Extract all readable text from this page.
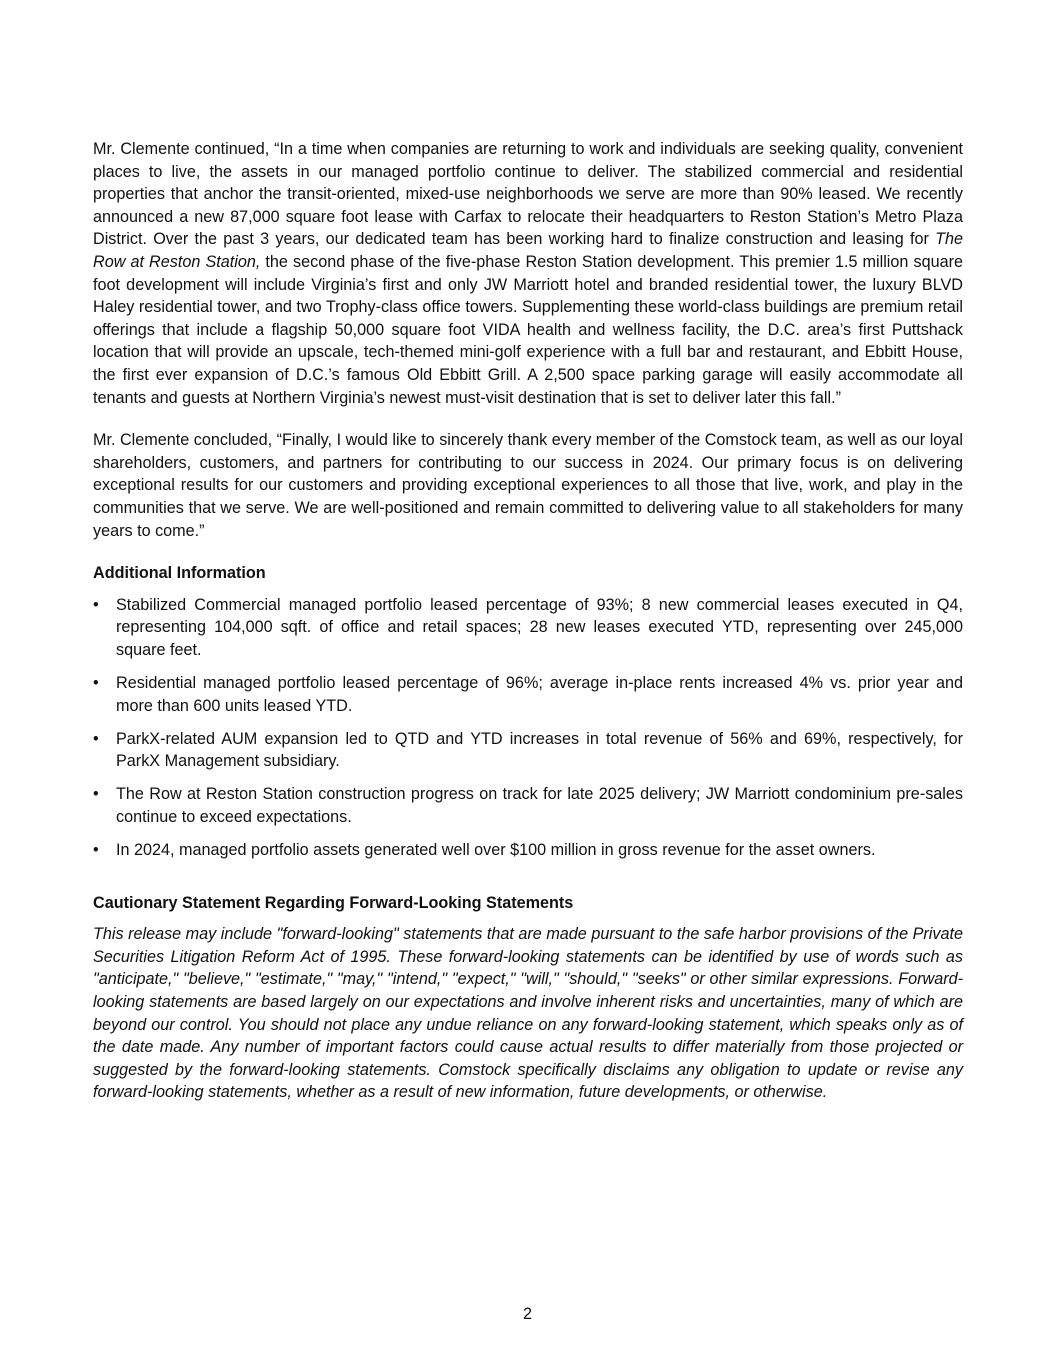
Mr. Clemente continued, “In a time when companies are returning to work and individuals are seeking quality, convenient places to live, the assets in our managed portfolio continue to deliver. The stabilized commercial and residential properties that anchor the transit-oriented, mixed-use neighborhoods we serve are more than 90% leased. We recently announced a new 87,000 square foot lease with Carfax to relocate their headquarters to Reston Station’s Metro Plaza District. Over the past 3 years, our dedicated team has been working hard to finalize construction and leasing for The Row at Reston Station, the second phase of the five-phase Reston Station development. This premier 1.5 million square foot development will include Virginia’s first and only JW Marriott hotel and branded residential tower, the luxury BLVD Haley residential tower, and two Trophy-class office towers. Supplementing these world-class buildings are premium retail offerings that include a flagship 50,000 square foot VIDA health and wellness facility, the D.C. area’s first Puttshack location that will provide an upscale, tech-themed mini-golf experience with a full bar and restaurant, and Ebbitt House, the first ever expansion of D.C.’s famous Old Ebbitt Grill. A 2,500 space parking garage will easily accommodate all tenants and guests at Northern Virginia’s newest must-visit destination that is set to deliver later this fall.”

Mr. Clemente concluded, “Finally, I would like to sincerely thank every member of the Comstock team, as well as our loyal shareholders, customers, and partners for contributing to our success in 2024. Our primary focus is on delivering exceptional results for our customers and providing exceptional experiences to all those that live, work, and play in the communities that we serve. We are well-positioned and remain committed to delivering value to all stakeholders for many years to come.”

Additional Information
• Stabilized Commercial managed portfolio leased percentage of 93%; 8 new commercial leases executed in Q4, representing 104,000 sqft. of office and retail spaces; 28 new leases executed YTD, representing over 245,000 square feet.
• Residential managed portfolio leased percentage of 96%; average in-place rents increased 4% vs. prior year and more than 600 units leased YTD.
• ParkX-related AUM expansion led to QTD and YTD increases in total revenue of 56% and 69%, respectively, for ParkX Management subsidiary.
• The Row at Reston Station construction progress on track for late 2025 delivery; JW Marriott condominium pre-sales continue to exceed expectations.
• In 2024, managed portfolio assets generated well over $100 million in gross revenue for the asset owners.
Cautionary Statement Regarding Forward-Looking Statements

This release may include "forward-looking" statements that are made pursuant to the safe harbor provisions of the Private Securities Litigation Reform Act of 1995. These forward-looking statements can be identified by use of words such as "anticipate," "believe," "estimate," "may," "intend," "expect," "will," "should," "seeks" or other similar expressions. Forward-looking statements are based largely on our expectations and involve inherent risks and uncertainties, many of which are beyond our control. You should not place any undue reliance on any forward-looking statement, which speaks only as of the date made. Any number of important factors could cause actual results to differ materially from those projected or suggested by the forward-looking statements. Comstock specifically disclaims any obligation to update or revise any forward-looking statements, whether as a result of new information, future developments, or otherwise.

2
